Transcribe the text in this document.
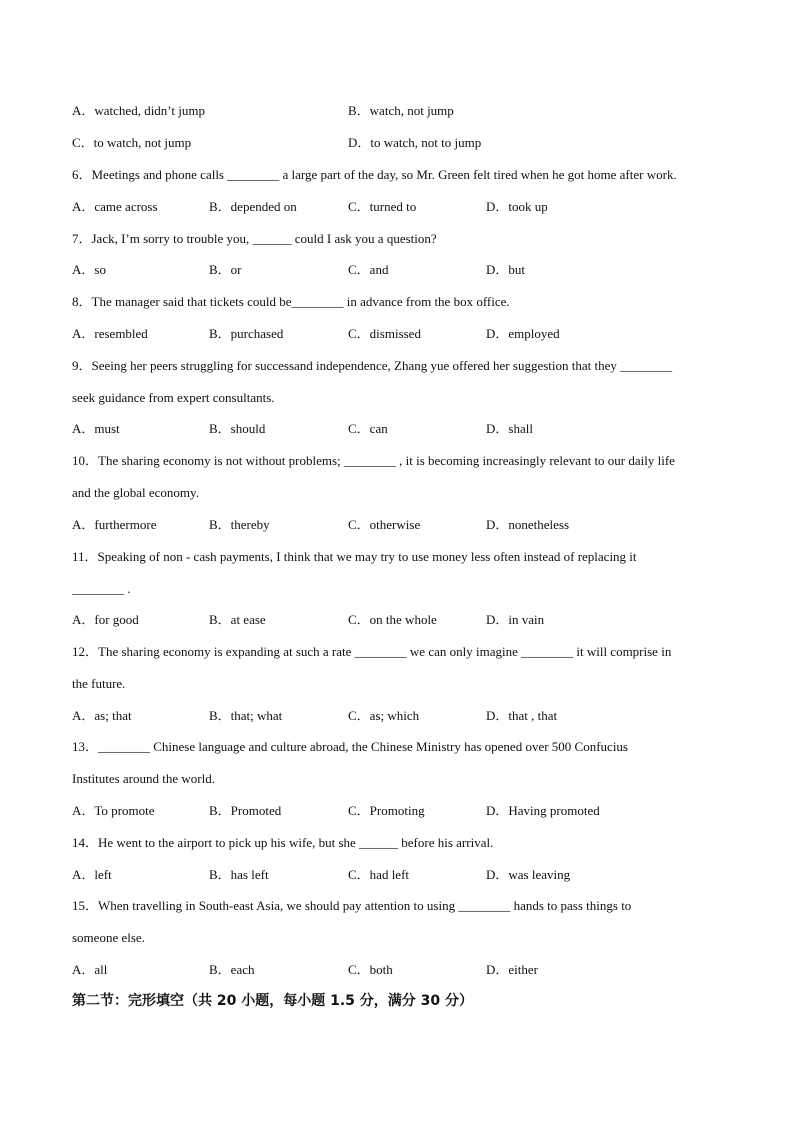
A．watched, didn’t jump	B．watch, not jump
C．to watch, not jump	D．to watch, not to jump
6．Meetings and phone calls ________ a large part of the day, so Mr. Green felt tired when he got home after work.
A．came across	B．depended on	C．turned to	D．took up
7．Jack, I’m sorry to trouble you, ______ could I ask you a question?
A．so	B．or	C．and	D．but
8．The manager said that tickets could be________ in advance from the box office.
A．resembled	B．purchased	C．dismissed	D．employed
9．Seeing her peers struggling for successand independence, Zhang yue offered her suggestion that they ________
seek guidance from expert consultants.
A．must	B．should	C．can	D．shall
10．The sharing economy is not without problems; ________ , it is becoming increasingly relevant to our daily life
and the global economy.
A．furthermore	B．thereby	C．otherwise	D．nonetheless
11．Speaking of non - cash payments, I think that we may try to use money less often instead of replacing it
________ .
A．for good	B．at ease	C．on the whole	D．in vain
12．The sharing economy is expanding at such a rate ________ we can only imagine ________ it will comprise in
the future.
A．as; that	B．that; what	C．as; which	D．that , that
13．________ Chinese language and culture abroad, the Chinese Ministry has opened over 500 Confucius
Institutes around the world.
A．To promote	B．Promoted	C．Promoting	D．Having promoted
14．He went to the airport to pick up his wife, but she ______ before his arrival.
A．left	B．has left	C．had left	D．was leaving
15．When travelling in South-east Asia, we should pay attention to using ________ hands to pass things to
someone else.
A．all	B．each	C．both	D．either
第二节：完形填空（共 20 小题，每小题 1.5 分，满分 30 分）
